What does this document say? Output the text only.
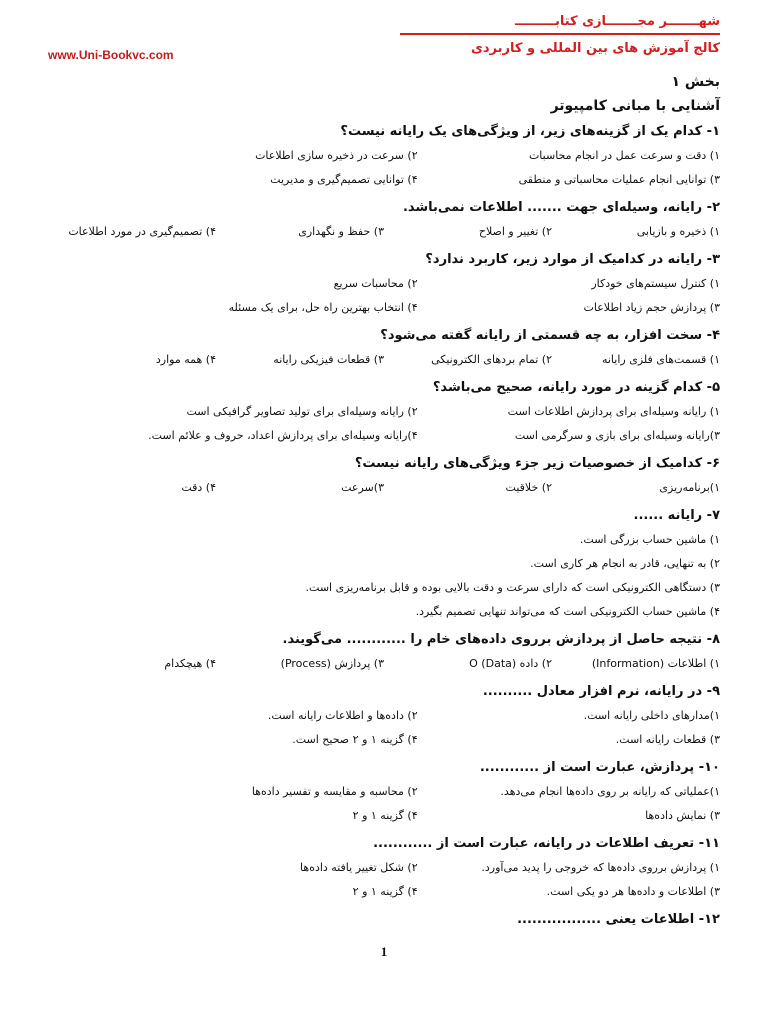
www.Uni-Bookvc.com
شهـــــــر مجـــــــازی کتابـــــــــ
کالج آموزش های بین المللی و کاربردی
بخش ۱
آشنایی با مبانی کامپیوتر
۱- کدام یک از گزینه‌های زیر، از ویژگی‌های یک رایانه نیست؟
۱) دقت و سرعت عمل در انجام محاسبات
۲) سرعت در ذخیره سازی اطلاعات
۳) توانایی انجام عملیات محاسباتی و منطقی
۴) توانایی تصمیم‌گیری و مدیریت
۲- رایانه، وسیله‌ای جهت ....... اطلاعات نمی‌باشد.
۱) ذخیره و بازیابی
۲) تغییر و اصلاح
۳) حفظ و نگهداری
۴) تصمیم‌گیری در مورد اطلاعات
۳- رایانه در کدامیک از موارد زیر، کاربرد ندارد؟
۱) کنترل سیستم‌های خودکار
۲) محاسبات سریع
۳) پردازش حجم زیاد اطلاعات
۴) انتخاب بهترین راه حل، برای یک مسئله
۴- سخت افزار، به چه قسمتی از رایانه گفته می‌شود؟
۱) قسمت‌های فلزی رایانه
۲) تمام بردهای الکترونیکی
۳) قطعات فیزیکی رایانه
۴) همه موارد
۵- کدام گزینه در مورد رایانه، صحیح می‌باشد؟
۱) رایانه وسیله‌ای برای پردازش اطلاعات است
۲) رایانه وسیله‌ای برای تولید تصاویر گرافیکی است
۳)رایانه وسیله‌ای برای بازی و سرگرمی است
۴)رایانه وسیله‌ای برای پردازش اعداد، حروف و علائم است.
۶- کدامیک از خصوصیات زیر جزء ویژگی‌های رایانه نیست؟
۱)برنامه‌ریزی
۲) خلاقیت
۳)سرعت
۴) دقت
۷- رایانه ......
۱) ماشین حساب بزرگی است.
۲) به تنهایی، قادر به انجام هر کاری است.
۳) دستگاهی الکترونیکی است که دارای سرعت و دقت بالایی بوده و قابل برنامه‌ریزی است.
۴) ماشین حساب الکترونیکی است که می‌تواند تنهایی تصمیم بگیرد.
۸- نتیجه حاصل از پردازش برروی داده‌های خام را ............ می‌گویند.
۱) اطلاعات (Information)
۲) داده (Data) O
۳) پردازش (Process)
۴) هیچکدام
۹- در رایانه، نرم افزار معادل ..........
۱)مدارهای داخلی رایانه است.
۲) داده‌ها و اطلاعات رایانه است.
۳) قطعات رایانه است.
۴) گزینه ۱ و ۲ صحیح است.
۱۰- پردازش، عبارت است از ............
۱)عملیاتی که رایانه بر روی داده‌ها انجام می‌دهد.
۲) محاسبه و مقایسه و تفسیر داده‌ها
۳) نمایش داده‌ها
۴) گزینه ۱ و ۲
۱۱- تعریف اطلاعات در رایانه، عبارت است از ............
۱) پردازش برروی داده‌ها که خروجی را پدید می‌آورد.
۲) شکل تغییر یافته داده‌ها
۳) اطلاعات و داده‌ها هر دو یکی است.
۴) گزینه ۱ و ۲
۱۲- اطلاعات یعنی .................
1
